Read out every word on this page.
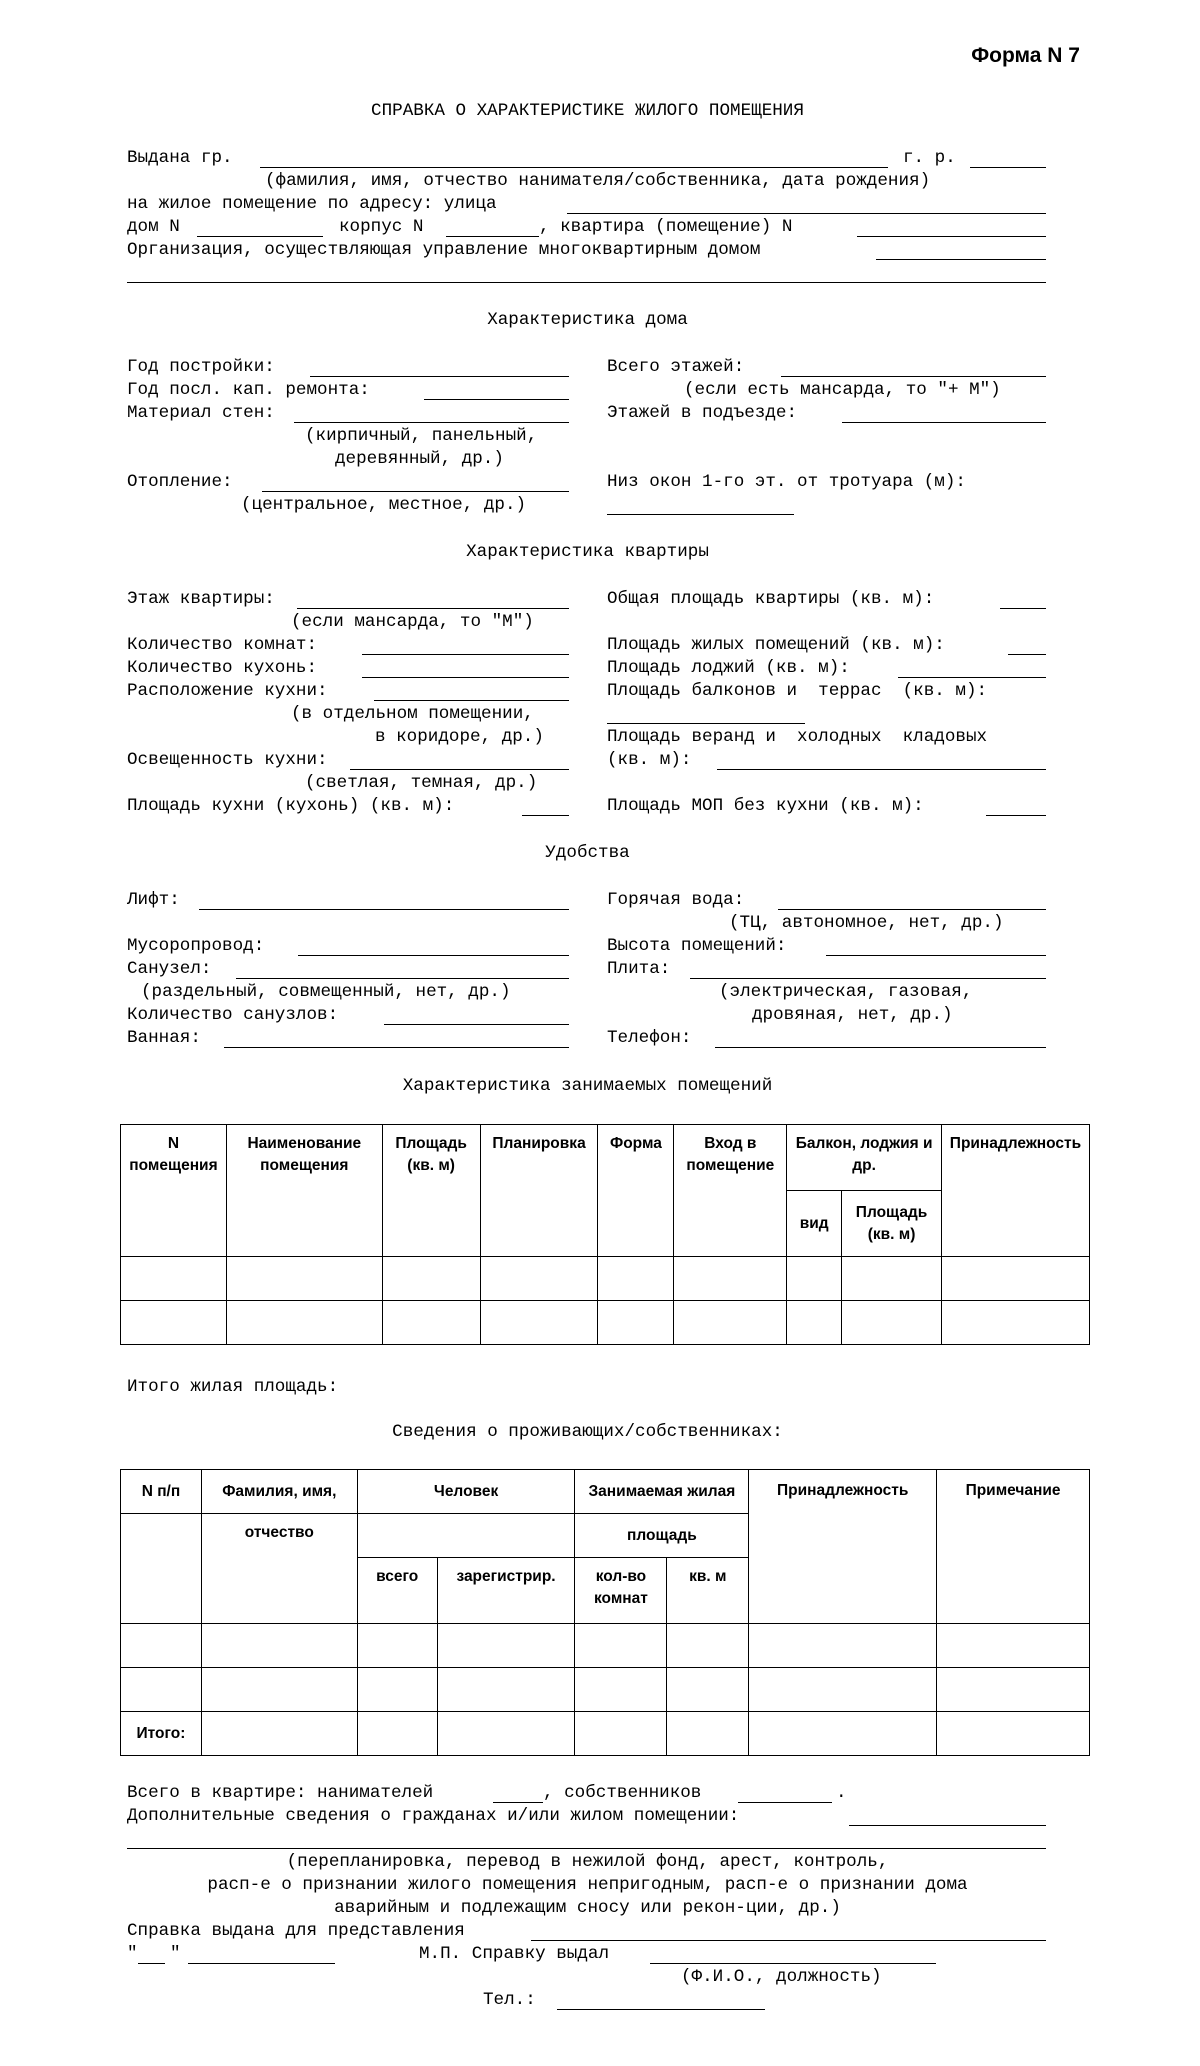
Форма N 7
СПРАВКА О ХАРАКТЕРИСТИКЕ ЖИЛОГО ПОМЕЩЕНИЯ
Выдана гр.	г. р.
(фамилия, имя, отчество нанимателя/собственника, дата рождения)
на жилое помещение по адресу: улица
дом N	корпус N	, квартира (помещение) N
Организация, осуществляющая управление многоквартирным домом
Характеристика дома
Год постройки:
Год посл. кап. ремонта:
Материал стен:
(кирпичный, панельный,
деревянный, др.)
Отопление:
(центральное, местное, др.)
Всего этажей:
(если есть мансарда, то "+ М")
Этажей в подъезде:
Низ окон 1-го эт. от тротуара (м):
Характеристика квартиры
Этаж квартиры:
(если мансарда, то "М")
Количество комнат:
Количество кухонь:
Расположение кухни:
(в отдельном помещении,
в коридоре, др.)
Освещенность кухни:
(светлая, темная, др.)
Площадь кухни (кухонь) (кв. м):
Общая площадь квартиры (кв. м):
Площадь жилых помещений (кв. м):
Площадь лоджий (кв. м):
Площадь балконов и  террас  (кв. м):
Площадь веранд и  холодных  кладовых
(кв. м):
Площадь МОП без кухни (кв. м):
Удобства
Лифт:
Мусоропровод:
Санузел:
(раздельный, совмещенный, нет, др.)
Количество санузлов:
Ванная:
Горячая вода:
(ТЦ, автономное, нет, др.)
Высота помещений:
Плита:
(электрическая, газовая,
дровяная, нет, др.)
Телефон:
Характеристика занимаемых помещений
N помещения	Наименование помещения	Площадь (кв. м)	Планировка	Форма	Вход в помещение	Балкон, лоджия и др.		Принадлежность
						вид	Площадь (кв. м)	

Итого жилая площадь:
Сведения о проживающих/собственниках:
N п/п	Фамилия, имя,	Человек		Занимаемая жилая		Принадлежность	Примечание
	отчество			площадь			
		всего	зарегистрир.	кол-во комнат	кв. м		

Итого:							
Всего в квартире: нанимателей	, собственников	.
Дополнительные сведения о гражданах и/или жилом помещении:
(перепланировка, перевод в нежилой фонд, арест, контроль,
расп-е о признании жилого помещения непригодным, расп-е о признании дома
аварийным и подлежащим сносу или рекон-ции, др.)
Справка выдана для представления
" "	М.П. Справку выдал
(Ф.И.О., должность)
Тел.:
